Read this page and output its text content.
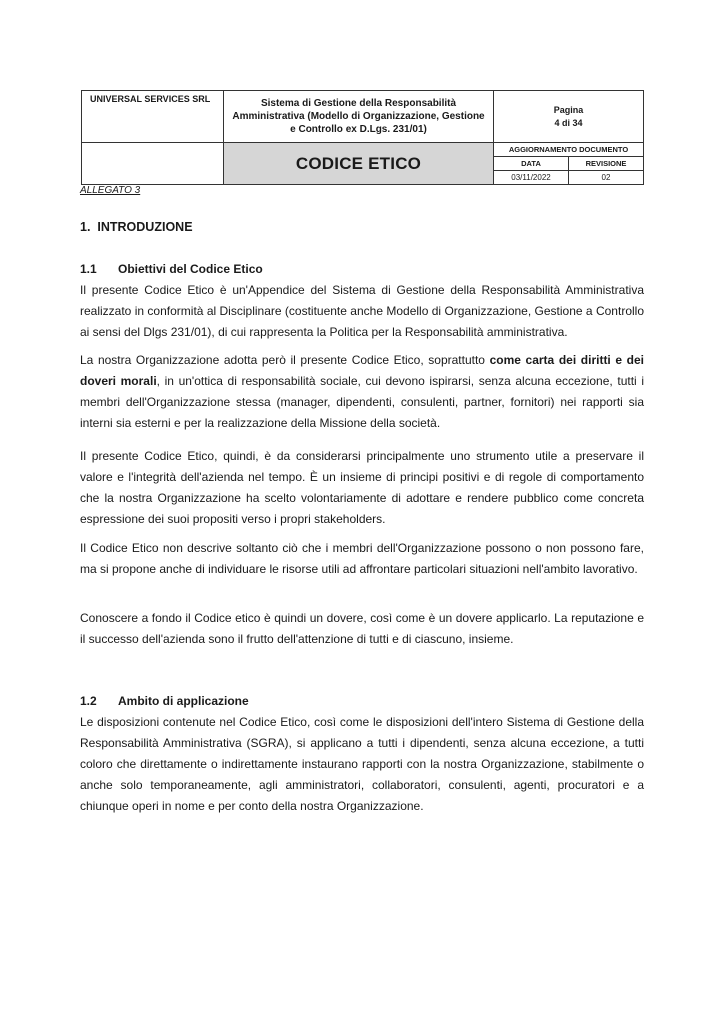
UNIVERSAL SERVICES SRL	Sistema di Gestione della Responsabilità Amministrativa (Modello di Organizzazione, Gestione e Controllo ex D.Lgs. 231/01)	Pagina
4 di 34	

	CODICE ETICO	AGGIORNAMENTO DOCUMENTO	
		DATA	REVISIONE
		03/11/2022	02
ALLEGATO 3
1. INTRODUZIONE
1.1 Obiettivi del Codice Etico

Il presente Codice Etico è un'Appendice del Sistema di Gestione della Responsabilità Amministrativa realizzato in conformità al Disciplinare (costituente anche Modello di Organizzazione, Gestione a Controllo ai sensi del Dlgs 231/01), di cui rappresenta la Politica per la Responsabilità amministrativa.

La nostra Organizzazione adotta però il presente Codice Etico, soprattutto come carta dei diritti e dei doveri morali, in un'ottica di responsabilità sociale, cui devono ispirarsi, senza alcuna eccezione, tutti i membri dell'Organizzazione stessa (manager, dipendenti, consulenti, partner, fornitori) nei rapporti sia interni sia esterni e per la realizzazione della Missione della società.

Il presente Codice Etico, quindi, è da considerarsi principalmente uno strumento utile a preservare il valore e l'integrità dell'azienda nel tempo. È un insieme di principi positivi e di regole di comportamento che la nostra Organizzazione ha scelto volontariamente di adottare e rendere pubblico come concreta espressione dei suoi propositi verso i propri stakeholders.

Il Codice Etico non descrive soltanto ciò che i membri dell'Organizzazione possono o non possono fare, ma si propone anche di individuare le risorse utili ad affrontare particolari situazioni nell'ambito lavorativo.

Conoscere a fondo il Codice etico è quindi un dovere, così come è un dovere applicarlo. La reputazione e il successo dell'azienda sono il frutto dell'attenzione di tutti e di ciascuno, insieme.

1.2 Ambito di applicazione

Le disposizioni contenute nel Codice Etico, così come le disposizioni dell'intero Sistema di Gestione della Responsabilità Amministrativa (SGRA), si applicano a tutti i dipendenti, senza alcuna eccezione, a tutti coloro che direttamente o indirettamente instaurano rapporti con la nostra Organizzazione, stabilmente o anche solo temporaneamente, agli amministratori, collaboratori, consulenti, agenti, procuratori e a chiunque operi in nome e per conto della nostra Organizzazione.
